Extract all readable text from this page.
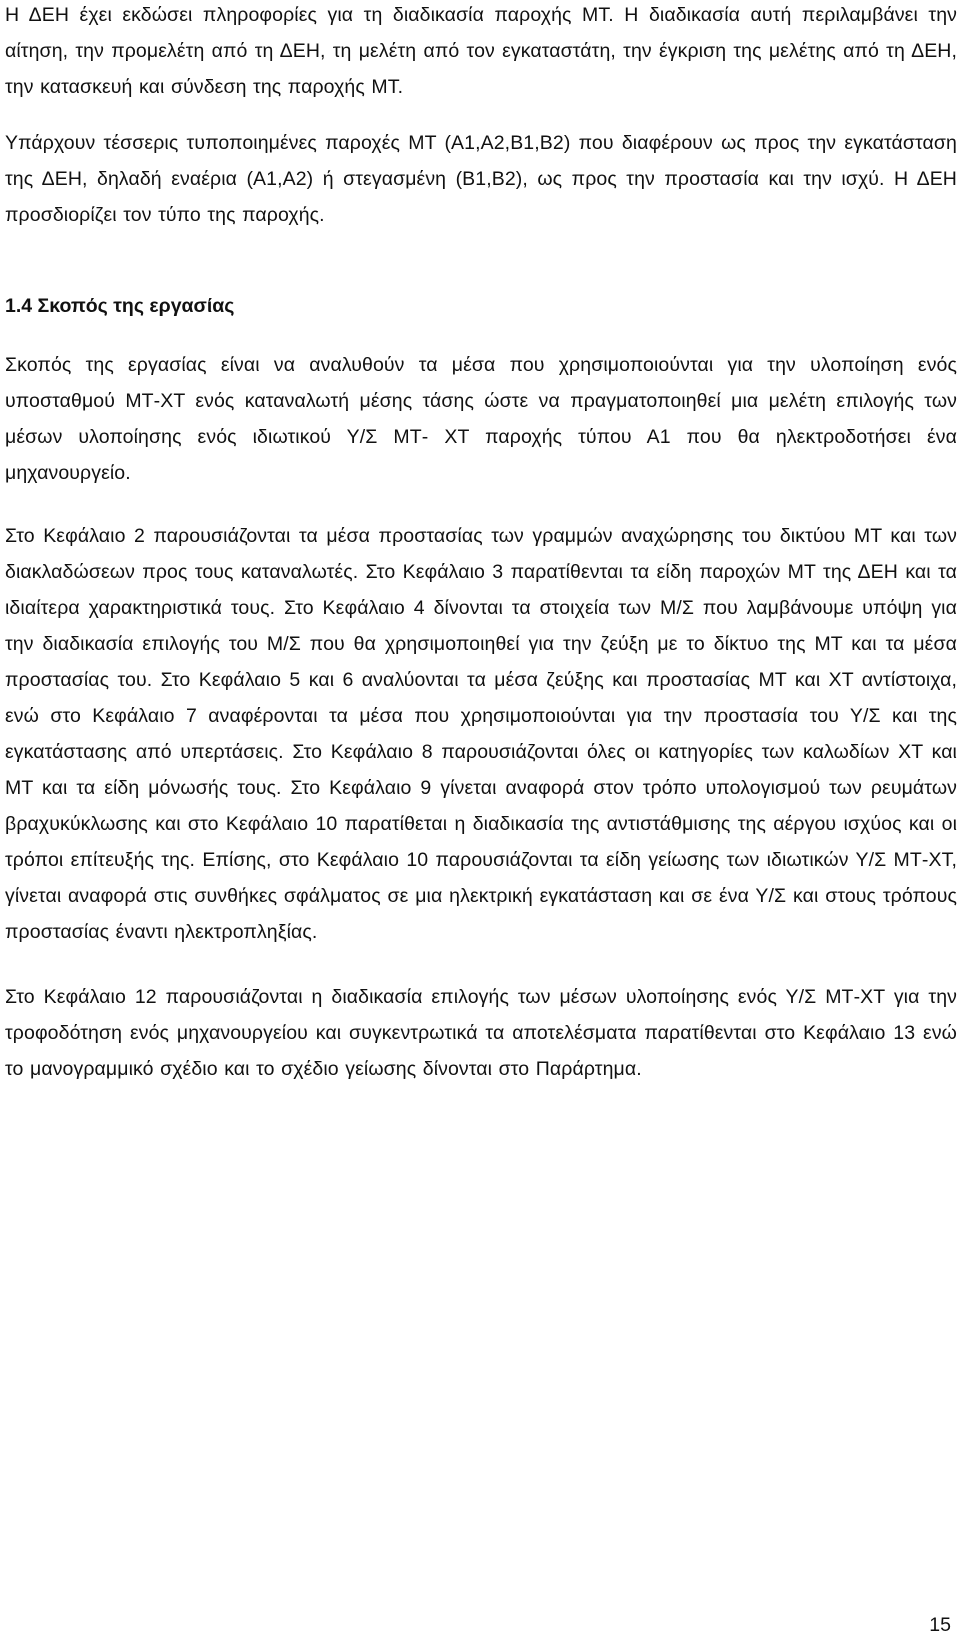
Η ΔΕΗ έχει εκδώσει πληροφορίες για τη διαδικασία παροχής ΜΤ. Η διαδικασία αυτή περιλαμβάνει την αίτηση, την προμελέτη από τη ΔΕΗ, τη μελέτη από τον εγκαταστάτη, την έγκριση της μελέτης από τη ΔΕΗ, την κατασκευή και σύνδεση της παροχής ΜΤ.

Υπάρχουν τέσσερις τυποποιημένες παροχές ΜΤ (Α1,Α2,Β1,Β2) που διαφέρουν ως προς την εγκατάσταση της ΔΕΗ, δηλαδή εναέρια (Α1,Α2) ή στεγασμένη (Β1,Β2), ως προς την προστασία και την ισχύ. Η ΔΕΗ προσδιορίζει τον τύπο της παροχής.

1.4 Σκοπός της εργασίας

Σκοπός της εργασίας είναι να αναλυθούν τα μέσα που χρησιμοποιούνται για την υλοποίηση ενός υποσταθμού ΜΤ-ΧΤ ενός καταναλωτή μέσης τάσης ώστε να πραγματοποιηθεί μια μελέτη επιλογής των μέσων υλοποίησης ενός ιδιωτικού Υ/Σ ΜΤ- ΧΤ παροχής τύπου Α1 που θα ηλεκτροδοτήσει ένα μηχανουργείο.

Στο Κεφάλαιο 2 παρουσιάζονται τα μέσα προστασίας των γραμμών αναχώρησης του δικτύου ΜΤ και των διακλαδώσεων προς τους καταναλωτές. Στο Κεφάλαιο 3 παρατίθενται τα είδη παροχών ΜΤ της ΔΕΗ και τα ιδιαίτερα χαρακτηριστικά τους. Στο Κεφάλαιο 4 δίνονται τα στοιχεία των Μ/Σ που λαμβάνουμε υπόψη για την διαδικασία επιλογής του Μ/Σ που θα χρησιμοποιηθεί για την ζεύξη με το δίκτυο της ΜΤ και τα μέσα προστασίας του. Στο Κεφάλαιο 5 και 6 αναλύονται τα μέσα ζεύξης και προστασίας ΜΤ και ΧΤ αντίστοιχα, ενώ στο Κεφάλαιο 7 αναφέρονται τα μέσα που χρησιμοποιούνται για την προστασία του Υ/Σ και της εγκατάστασης από υπερτάσεις. Στο Κεφάλαιο 8 παρουσιάζονται όλες οι κατηγορίες των καλωδίων ΧΤ και ΜΤ και τα είδη μόνωσής τους. Στο Κεφάλαιο 9 γίνεται αναφορά στον τρόπο υπολογισμού των ρευμάτων βραχυκύκλωσης και στο Κεφάλαιο 10 παρατίθεται η διαδικασία της αντιστάθμισης της αέργου ισχύος και οι τρόποι επίτευξής της. Επίσης, στο Κεφάλαιο 10 παρουσιάζονται τα είδη γείωσης των ιδιωτικών Υ/Σ ΜΤ-ΧΤ, γίνεται αναφορά στις συνθήκες σφάλματος σε μια ηλεκτρική εγκατάσταση και σε ένα Υ/Σ και στους τρόπους προστασίας έναντι ηλεκτροπληξίας.

Στο Κεφάλαιο 12 παρουσιάζονται η διαδικασία επιλογής των μέσων υλοποίησης ενός Υ/Σ ΜΤ-ΧΤ για την τροφοδότηση ενός μηχανουργείου και συγκεντρωτικά τα αποτελέσματα παρατίθενται στο Κεφάλαιο 13 ενώ το μανογραμμικό σχέδιο και το σχέδιο γείωσης δίνονται στο Παράρτημα.

15
